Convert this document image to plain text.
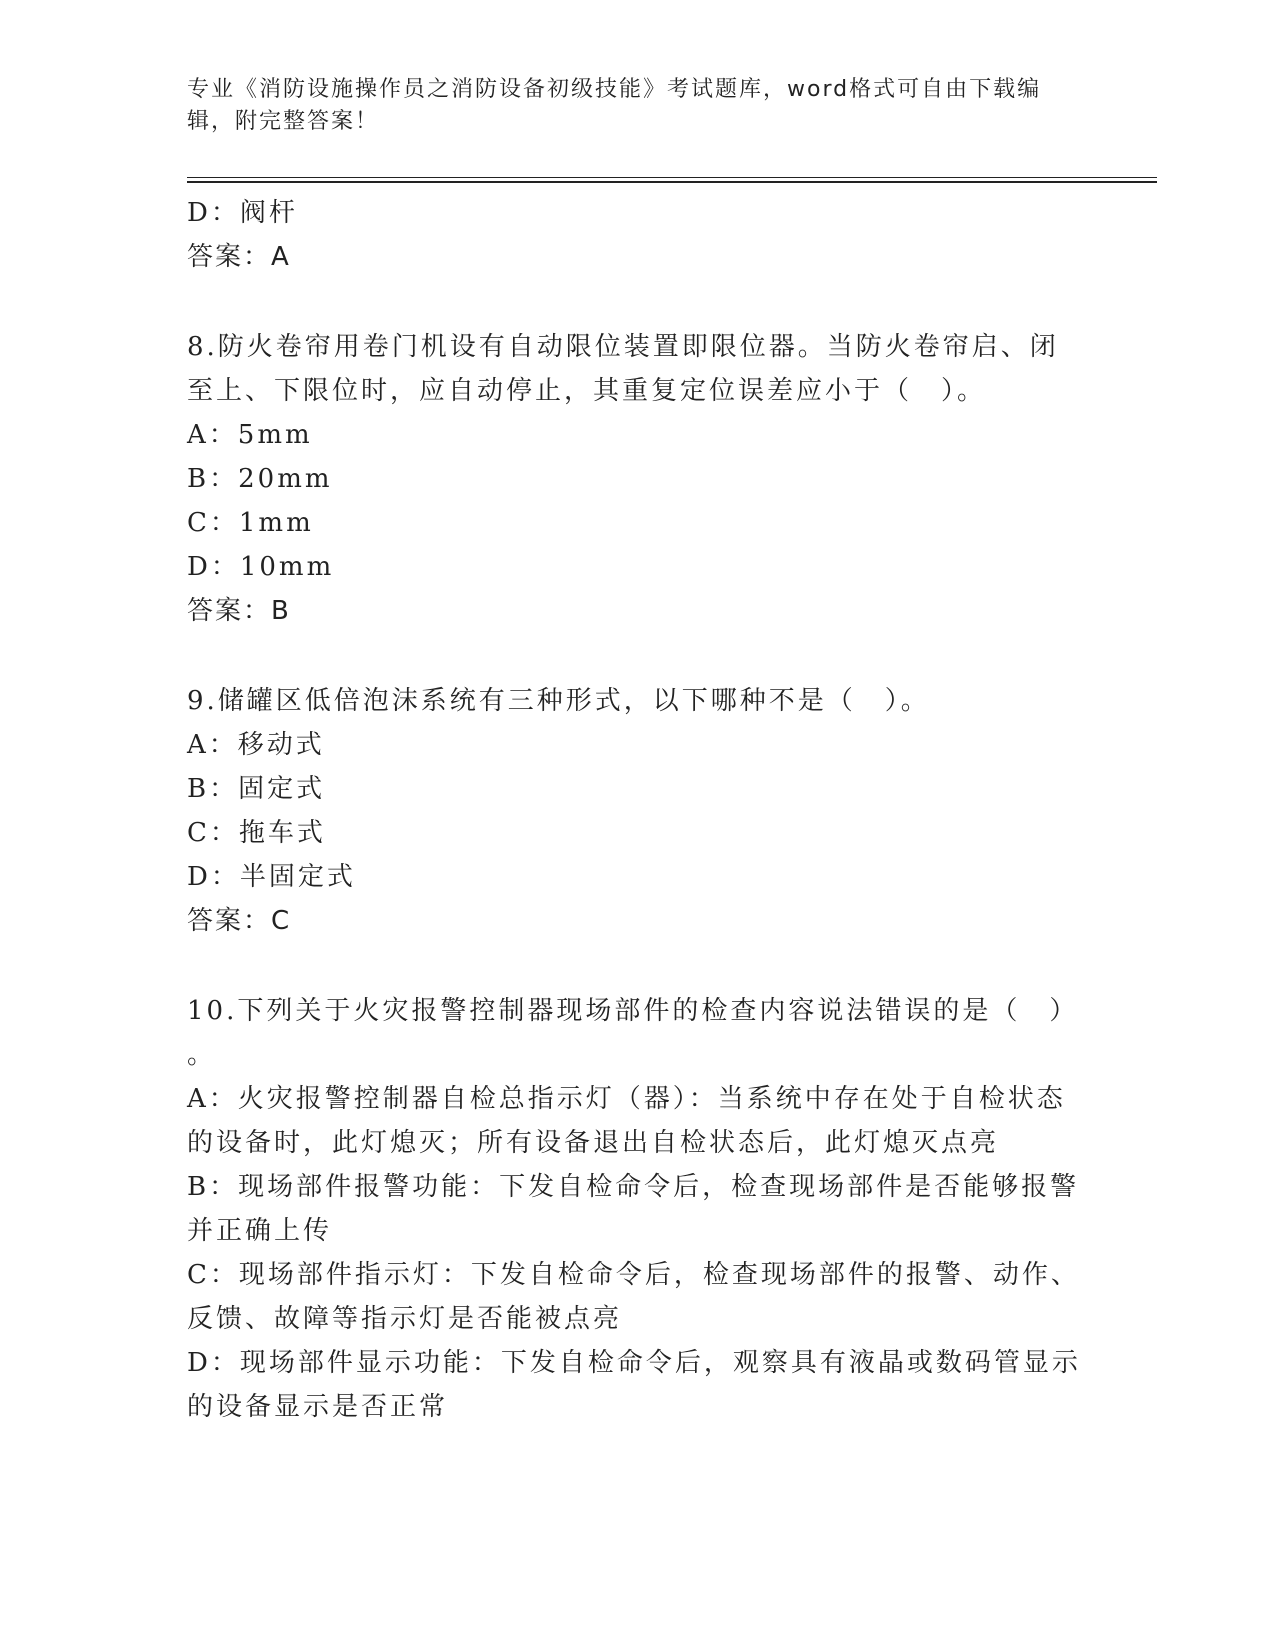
专业《消防设施操作员之消防设备初级技能》考试题库，word格式可自由下载编
辑，附完整答案！
D：阀杆
答案：A
8.防火卷帘用卷门机设有自动限位装置即限位器。当防火卷帘启、闭
至上、下限位时，应自动停止，其重复定位误差应小于（　）。
A：5mm
B：20mm
C：1mm
D：10mm
答案：B
9.储罐区低倍泡沫系统有三种形式，以下哪种不是（　）。
A：移动式
B：固定式
C：拖车式
D：半固定式
答案：C
10.下列关于火灾报警控制器现场部件的检查内容说法错误的是（　）
。
A：火灾报警控制器自检总指示灯（器）：当系统中存在处于自检状态
的设备时，此灯熄灭；所有设备退出自检状态后，此灯熄灭点亮
B：现场部件报警功能：下发自检命令后，检查现场部件是否能够报警
并正确上传
C：现场部件指示灯：下发自检命令后，检查现场部件的报警、动作、
反馈、故障等指示灯是否能被点亮
D：现场部件显示功能：下发自检命令后，观察具有液晶或数码管显示
的设备显示是否正常
